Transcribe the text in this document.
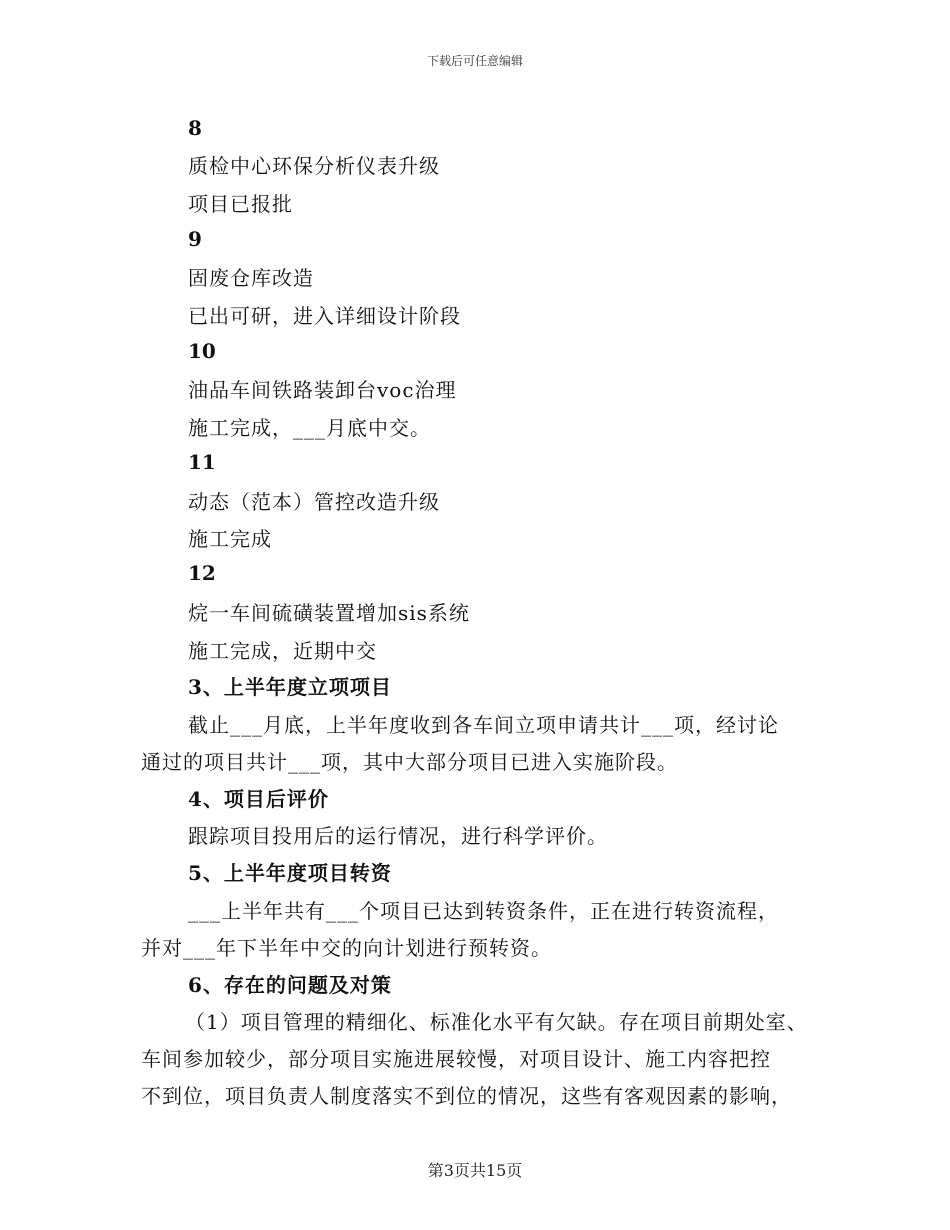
下载后可任意编辑
8
质检中心环保分析仪表升级
项目已报批
9
固废仓库改造
已出可研，进入详细设计阶段
10
油品车间铁路装卸台voc治理
施工完成，___月底中交。
11
动态（范本）管控改造升级
施工完成
12
烷一车间硫磺装置增加sis系统
施工完成，近期中交
3、上半年度立项项目
截止___月底，上半年度收到各车间立项申请共计___项，经讨论
通过的项目共计___项，其中大部分项目已进入实施阶段。
4、项目后评价
跟踪项目投用后的运行情况，进行科学评价。
5、上半年度项目转资
___上半年共有___个项目已达到转资条件，正在进行转资流程，
并对___年下半年中交的向计划进行预转资。
6、存在的问题及对策
（1）项目管理的精细化、标准化水平有欠缺。存在项目前期处室、
车间参加较少，部分项目实施进展较慢，对项目设计、施工内容把控
不到位，项目负责人制度落实不到位的情况，这些有客观因素的影响，
第3页共15页
